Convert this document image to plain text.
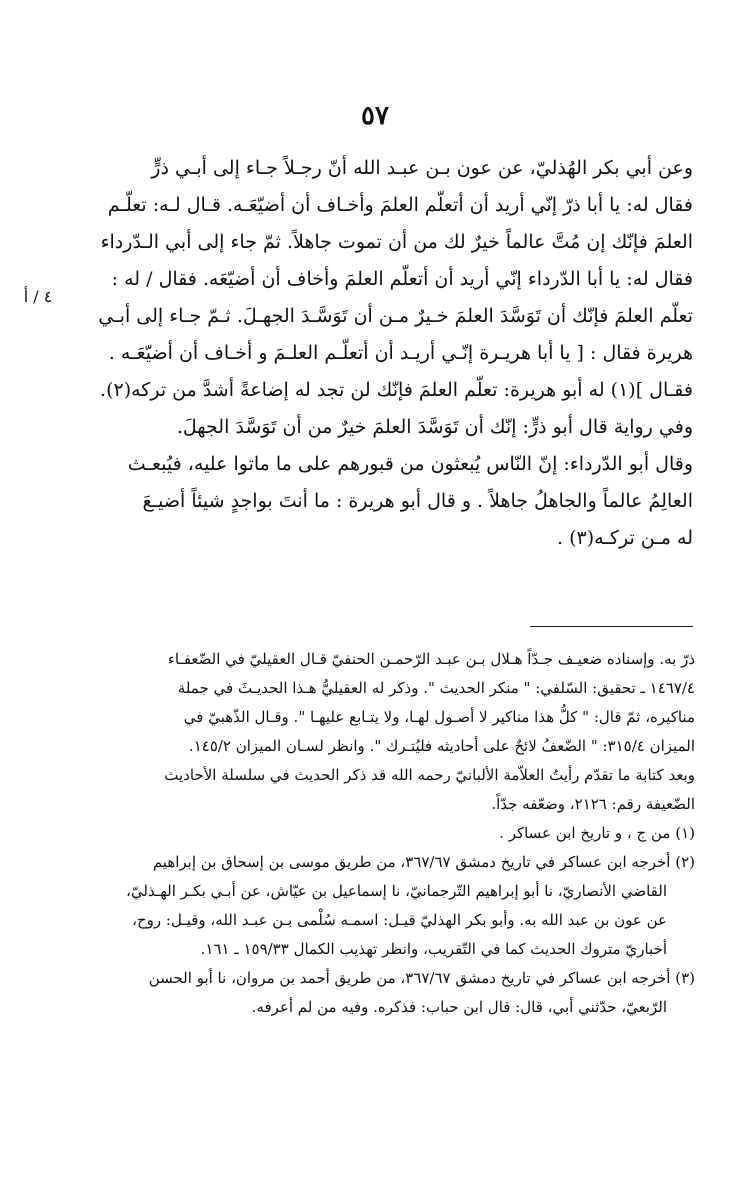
٥٧
٤ / أ
وعن أبي بكر الهُذليّ، عن عون بـن عبـد الله أنّ رجـلاً جـاء إلى أبـي ذرٍّ
فقال له: يا أبا ذرّ إنّي أريد أن أتعلّم العلمَ وأخـاف أن أضيّعَـه. قـال لـه: تعلّـم
العلمَ فإنّك إن مُتَّ عالماً خيرٌ لك من أن تموت جاهلاً. ثمّ جاء إلى أبي الـدّرداء
فقال له: يا أبا الدّرداء إنّي أريد أن أتعلّم العلمَ وأخاف أن أضيّعَه. فقال / له :
تعلّم العلمَ فإنّك أن تَوَسَّدَ العلمَ خـيرٌ مـن أن تَوَسَّـدَ الجهـلَ. ثـمّ جـاء إلى أبـي
هريرة فقال : [ يا أبا هريـرة إنّـي أريـد أن أتعلّـم العلـمَ و أخـاف أن أضيّعَـه .
فقـال ](١) له أبو هريرة: تعلّم العلمَ فإنّك لن تجد له إضاعةً أشدَّ من تركه(٢).
وفي رواية قال أبو ذرٍّ: إنّك أن تَوَسَّدَ العلمَ خيرٌ من أن تَوَسَّدَ الجهلَ.
وقال أبو الدّرداء: إنّ النّاس يُبعثون من قبورهم على ما ماتوا عليه، فيُبعـث
العالِمُ عالماً والجاهلُ جاهلاً . و قال أبو هريرة : ما أنتَ بواجدٍ شيئاً أضيـعَ
له مـن تركـه(٣) .
ذرّ به. وإسناده ضعيـف جـدّاً هـلال بـن عبـد الرّحمـن الحنفيّ قـال العقيليّ في الضّعفـاء
١٤٦٧/٤ ـ تحقيق: السّلفي: " منكر الحديث ". وذكر له العقيليُّ هـذا الحديـثَ في جملة
مناكيره، ثمّ قال: " كلُّ هذا مناكير لا أصـول لهـا، ولا يتـابع عليهـا ". وقـال الذّهبيّ في
الميزان ٣١٥/٤: " الضّعفُ لائحٌ على أحاديثه فليُتـرك ". وانظر لسـان الميزان ١٤٥/٢.
وبعد كتابة ما تقدّم رأيتُ العلاّمة الألبانيّ رحمه الله قد ذكر الحديث في سلسلة الأحاديث
الضّعيفة رقم: ٢١٢٦، وضعّفه جدّاً.
(١) من ج ، و تاريخ ابن عساكر .
(٢) أخرجه ابن عساكر في تاريخ دمشق ٣٦٧/٦٧، من طريق موسى بن إسحاق بن إبراهيم
القاضي الأنصاريّ، نا أبو إبراهيم التّرجمانيّ، نا إسماعيل بن عيّاش، عن أبـي بكـر الهـذليّ،
عن عون بن عبد الله به. وأبو بكر الهذليّ قيـل: اسمـه سُلْمى بـن عبـد الله، وقيـل: روح،
أخباريّ متروك الحديث كما في التّقريب، وانظر تهذيب الكمال ١٥٩/٣٣ ـ ١٦١.
(٣) أخرجه ابن عساكر في تاريخ دمشق ٣٦٧/٦٧، من طريق أحمد بن مروان، نا أبو الحسن
الرّبعيّ، حدّثني أبي، قال: قال ابن حباب: فذكره. وفيه من لم أعرفه.
